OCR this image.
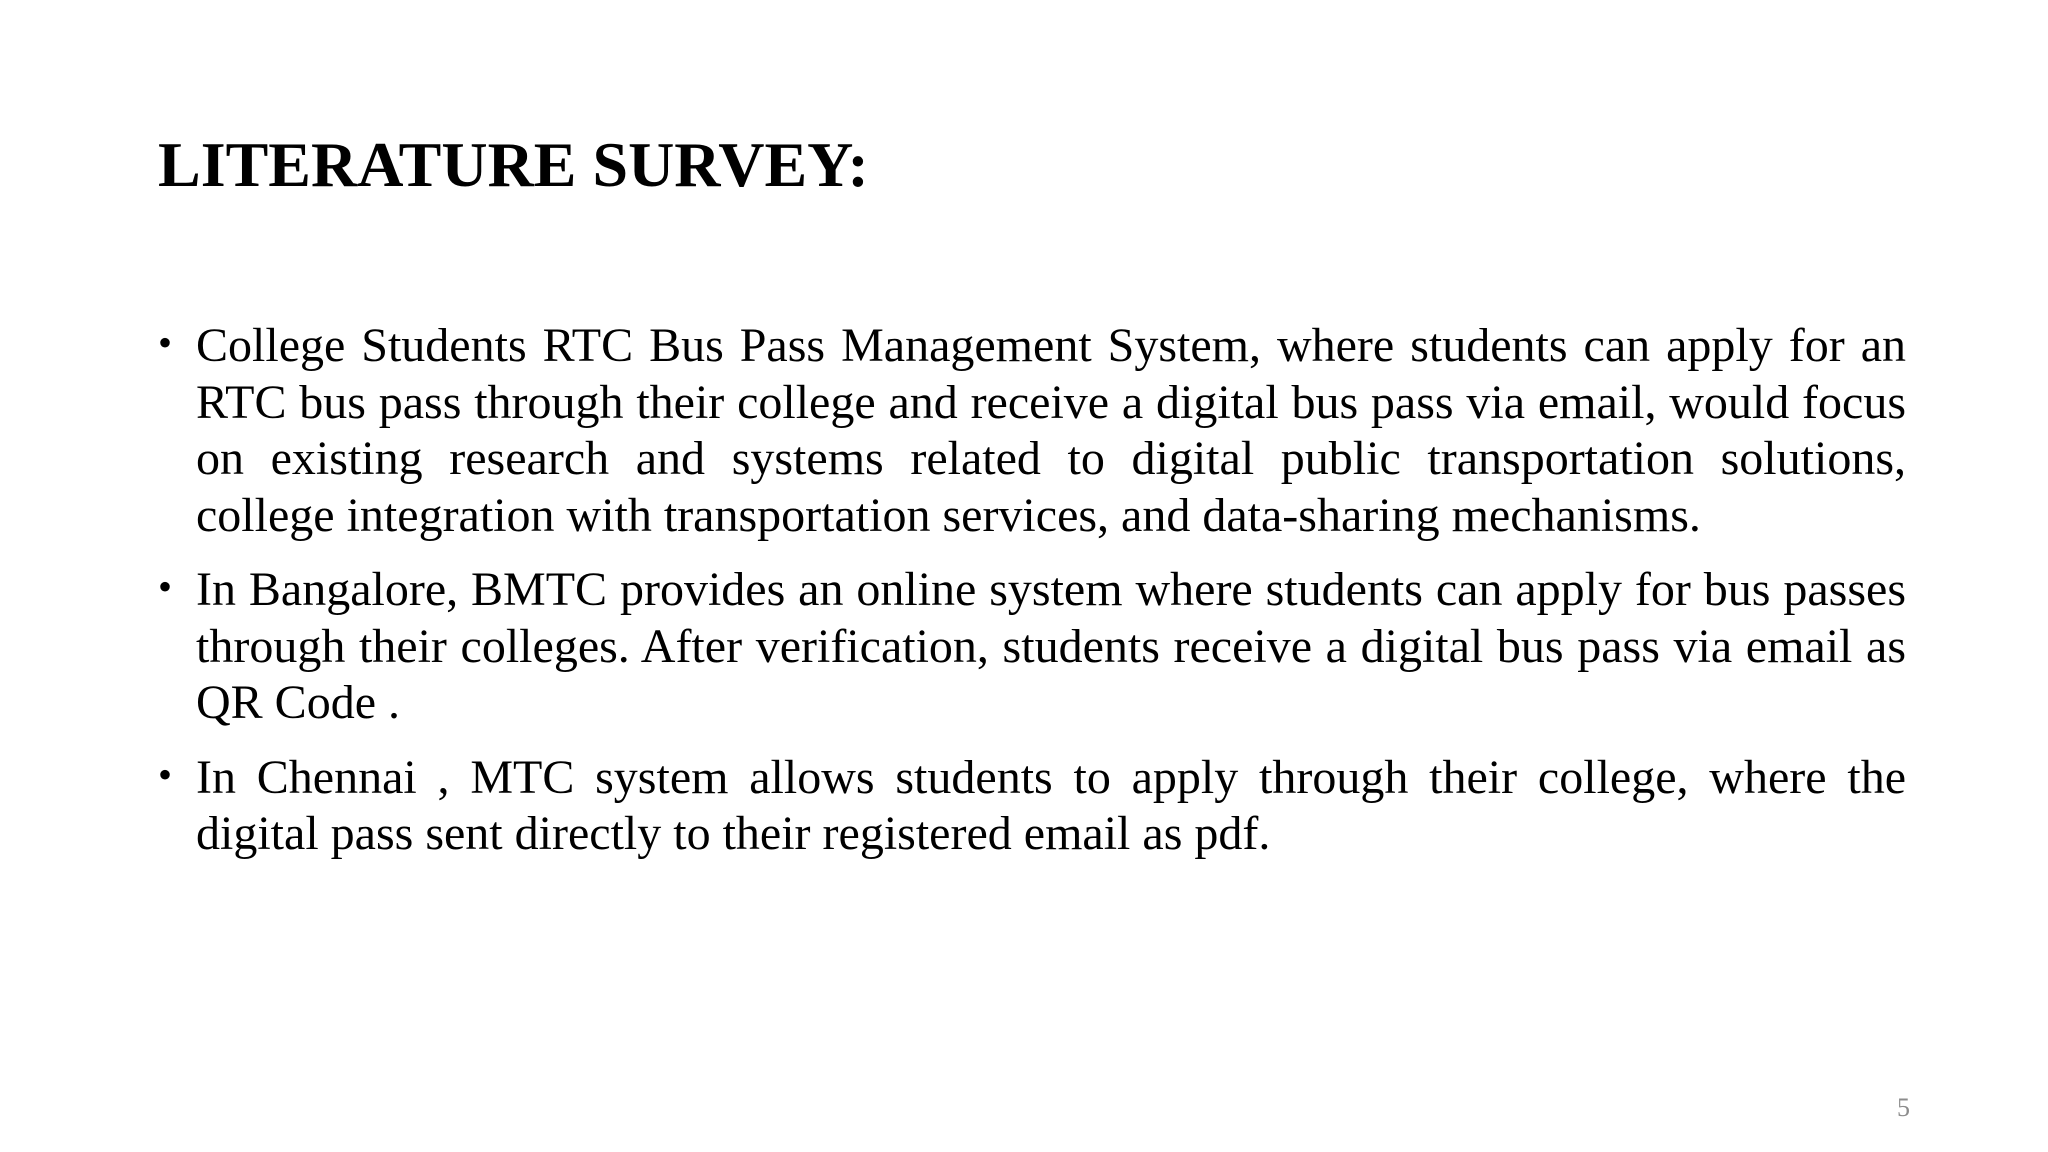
LITERATURE SURVEY:
• College Students RTC Bus Pass Management System, where students can apply for an RTC bus pass through their college and receive a digital bus pass via email, would focus on existing research and systems related to digital public transportation solutions, college integration with transportation services, and data-sharing mechanisms.
• In Bangalore, BMTC provides an online system where students can apply for bus passes through their colleges. After verification, students receive a digital bus pass via email as QR Code .
• In Chennai , MTC system allows students to apply through their college, where the digital pass sent directly to their registered email as pdf.
5
